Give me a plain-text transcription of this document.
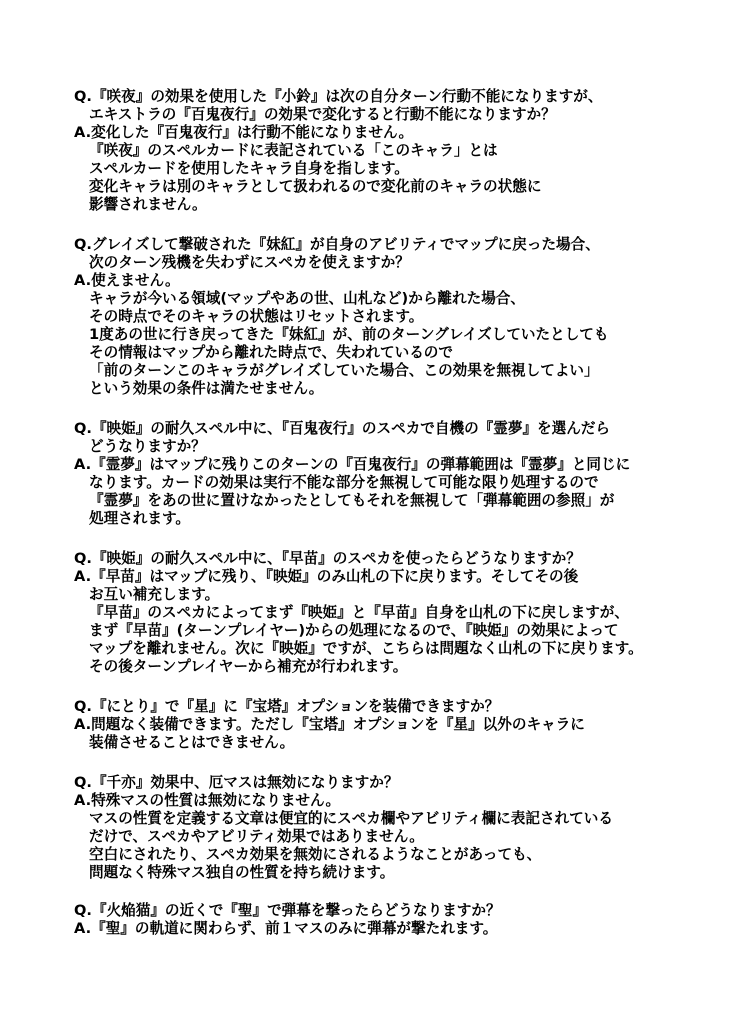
Q.『咲夜』の効果を使用した『小鈴』は次の自分ターン行動不能になりますが、
エキストラの『百鬼夜行』の効果で変化すると行動不能になりますか？
A.変化した『百鬼夜行』は行動不能になりません。
『咲夜』のスペルカードに表記されている「このキャラ」とは
スペルカードを使用したキャラ自身を指します。
変化キャラは別のキャラとして扱われるので変化前のキャラの状態に
影響されません。
Q.グレイズして撃破された『妹紅』が自身のアビリティでマップに戻った場合、
次のターン残機を失わずにスペカを使えますか？
A.使えません。
キャラが今いる領域(マップやあの世、山札など)から離れた場合、
その時点でそのキャラの状態はリセットされます。
1度あの世に行き戻ってきた『妹紅』が、前のターングレイズしていたとしても
その情報はマップから離れた時点で、失われているので
「前のターンこのキャラがグレイズしていた場合、この効果を無視してよい」
という効果の条件は満たせません。
Q.『映姫』の耐久スペル中に、『百鬼夜行』のスペカで自機の『霊夢』を選んだら
どうなりますか？
A.『霊夢』はマップに残りこのターンの『百鬼夜行』の弾幕範囲は『霊夢』と同じに
なります。カードの効果は実行不能な部分を無視して可能な限り処理するので
『霊夢』をあの世に置けなかったとしてもそれを無視して「弾幕範囲の参照」が
処理されます。
Q.『映姫』の耐久スペル中に、『早苗』のスペカを使ったらどうなりますか？
A.『早苗』はマップに残り、『映姫』のみ山札の下に戻ります。そしてその後
お互い補充します。
『早苗』のスペカによってまず『映姫』と『早苗』自身を山札の下に戻しますが、
まず『早苗』(ターンプレイヤー)からの処理になるので、『映姫』の効果によって
マップを離れません。次に『映姫』ですが、こちらは問題なく山札の下に戻ります。
その後ターンプレイヤーから補充が行われます。
Q.『にとり』で『星』に『宝塔』オプションを装備できますか？
A.問題なく装備できます。ただし『宝塔』オプションを『星』以外のキャラに
装備させることはできません。
Q.『千亦』効果中、厄マスは無効になりますか？
A.特殊マスの性質は無効になりません。
マスの性質を定義する文章は便宜的にスペカ欄やアビリティ欄に表記されている
だけで、スペカやアビリティ効果ではありません。
空白にされたり、スペカ効果を無効にされるようなことがあっても、
問題なく特殊マス独自の性質を持ち続けます。
Q.『火焔猫』の近くで『聖』で弾幕を撃ったらどうなりますか？
A.『聖』の軌道に関わらず、前１マスのみに弾幕が撃たれます。
